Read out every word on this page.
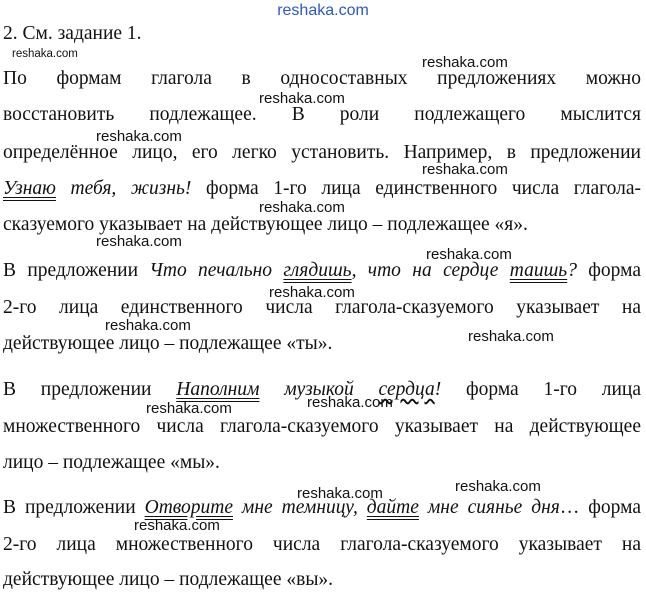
reshaka.com
2. См. задание 1.
По формам глагола в односоставных предложениях можно
восстановить подлежащее. В роли подлежащего мыслится
определённое лицо, его легко установить. Например, в предложении
Узнаю тебя, жизнь! форма 1-го лица единственного числа глагола-
сказуемого указывает на действующее лицо – подлежащее «я».
В предложении Что печально глядишь, что на сердце таишь? форма
2-го лица единственного числа глагола-сказуемого указывает на
действующее лицо – подлежащее «ты».
В предложении Наполним музыкой сердца! форма 1-го лица
множественного числа глагола-сказуемого указывает на действующее
лицо – подлежащее «мы».
В предложении Отворите мне темницу, дайте мне сиянье дня… форма
2-го лица множественного числа глагола-сказуемого указывает на
действующее лицо – подлежащее «вы».
reshaka.com	reshaka.com
reshaka.com
reshaka.com
reshaka.com
reshaka.com
reshaka.com
reshaka.com
reshaka.com
reshaka.com
reshaka.com
reshaka.com
reshaka.com
reshaka.com
reshaka.com
reshaka.com
